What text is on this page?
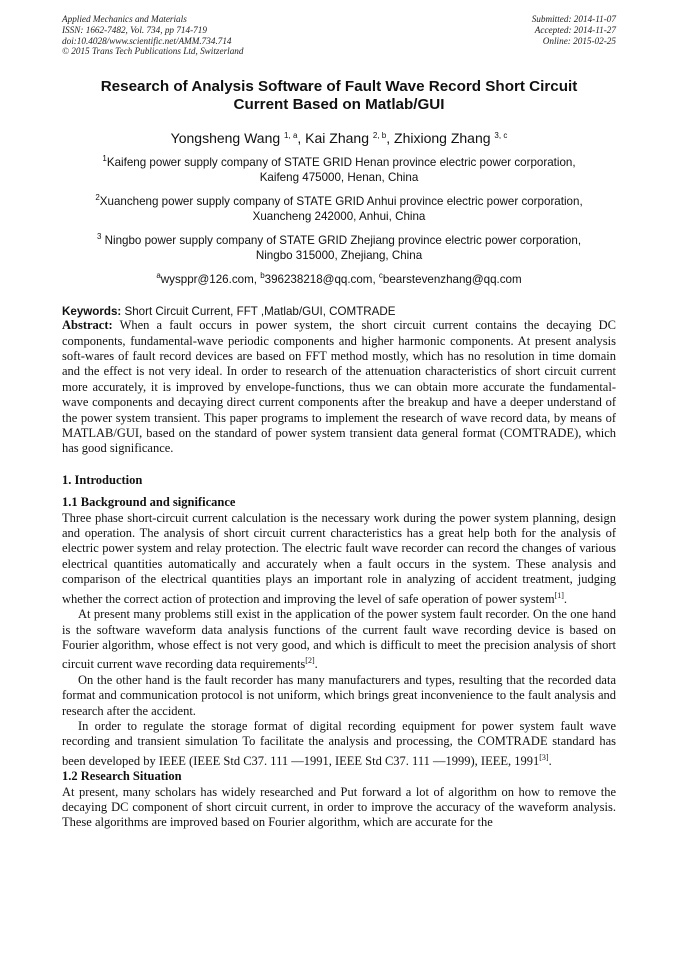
Applied Mechanics and Materials
ISSN: 1662-7482, Vol. 734, pp 714-719
doi:10.4028/www.scientific.net/AMM.734.714
© 2015 Trans Tech Publications Ltd, Switzerland
Submitted: 2014-11-07
Accepted: 2014-11-27
Online: 2015-02-25
Research of Analysis Software of Fault Wave Record Short Circuit
Current Based on Matlab/GUI
Yongsheng Wang $^{1, a}$, Kai Zhang $^{2, b}$, Zhixiong Zhang $^{3, c}$
$^1$Kaifeng power supply company of STATE GRID Henan province electric power corporation,
Kaifeng 475000, Henan, China
$^2$Xuancheng power supply company of STATE GRID Anhui province electric power corporation,
Xuancheng 242000, Anhui, China
$^3$ Ningbo power supply company of STATE GRID Zhejiang province electric power corporation,
Ningbo 315000, Zhejiang, China
$^a$wysppr@126.com, $^b$396238218@qq.com, $^c$bearstevenzhang@qq.com
Keywords: Short Circuit Current, FFT ,Matlab/GUI, COMTRADE

Abstract: When a fault occurs in power system, the short circuit current contains the decaying DC components, fundamental-wave periodic components and higher harmonic components. At present analysis soft-wares of fault record devices are based on FFT method mostly, which has no resolution in time domain and the effect is not very ideal. In order to research of the attenuation characteristics of short circuit current more accurately, it is improved by envelope-functions, thus we can obtain more accurate the fundamental-wave components and decaying direct current components after the breakup and have a deeper understand of the power system transient. This paper programs to implement the research of wave record data, by means of MATLAB/GUI, based on the standard of power system transient data general format (COMTRADE), which has good significance.

1. Introduction
1.1 Background and significance

Three phase short-circuit current calculation is the necessary work during the power system planning, design and operation. The analysis of short circuit current characteristics has a great help both for the analysis of electric power system and relay protection. The electric fault wave recorder can record the changes of various electrical quantities automatically and accurately when a fault occurs in the system. These analysis and comparison of the electrical quantities plays an important role in analyzing of accident treatment, judging whether the correct action of protection and improving the level of safe operation of power system[1].

At present many problems still exist in the application of the power system fault recorder. On the one hand is the software waveform data analysis functions of the current fault wave recording device is based on Fourier algorithm, whose effect is not very good, and which is difficult to meet the precision analysis of short circuit current wave recording data requirements[2].

On the other hand is the fault recorder has many manufacturers and types, resulting that the recorded data format and communication protocol is not uniform, which brings great inconvenience to the fault analysis and research after the accident.

In order to regulate the storage format of digital recording equipment for power system fault wave recording and transient simulation To facilitate the analysis and processing, the COMTRADE standard has been developed by IEEE (IEEE Std C37. 111 —1991, IEEE Std C37. 111 —1999), IEEE, 1991[3].

1.2 Research Situation

At present, many scholars has widely researched and Put forward a lot of algorithm on how to remove the decaying DC component of short circuit current, in order to improve the accuracy of the waveform analysis. These algorithms are improved based on Fourier algorithm, which are accurate for the
